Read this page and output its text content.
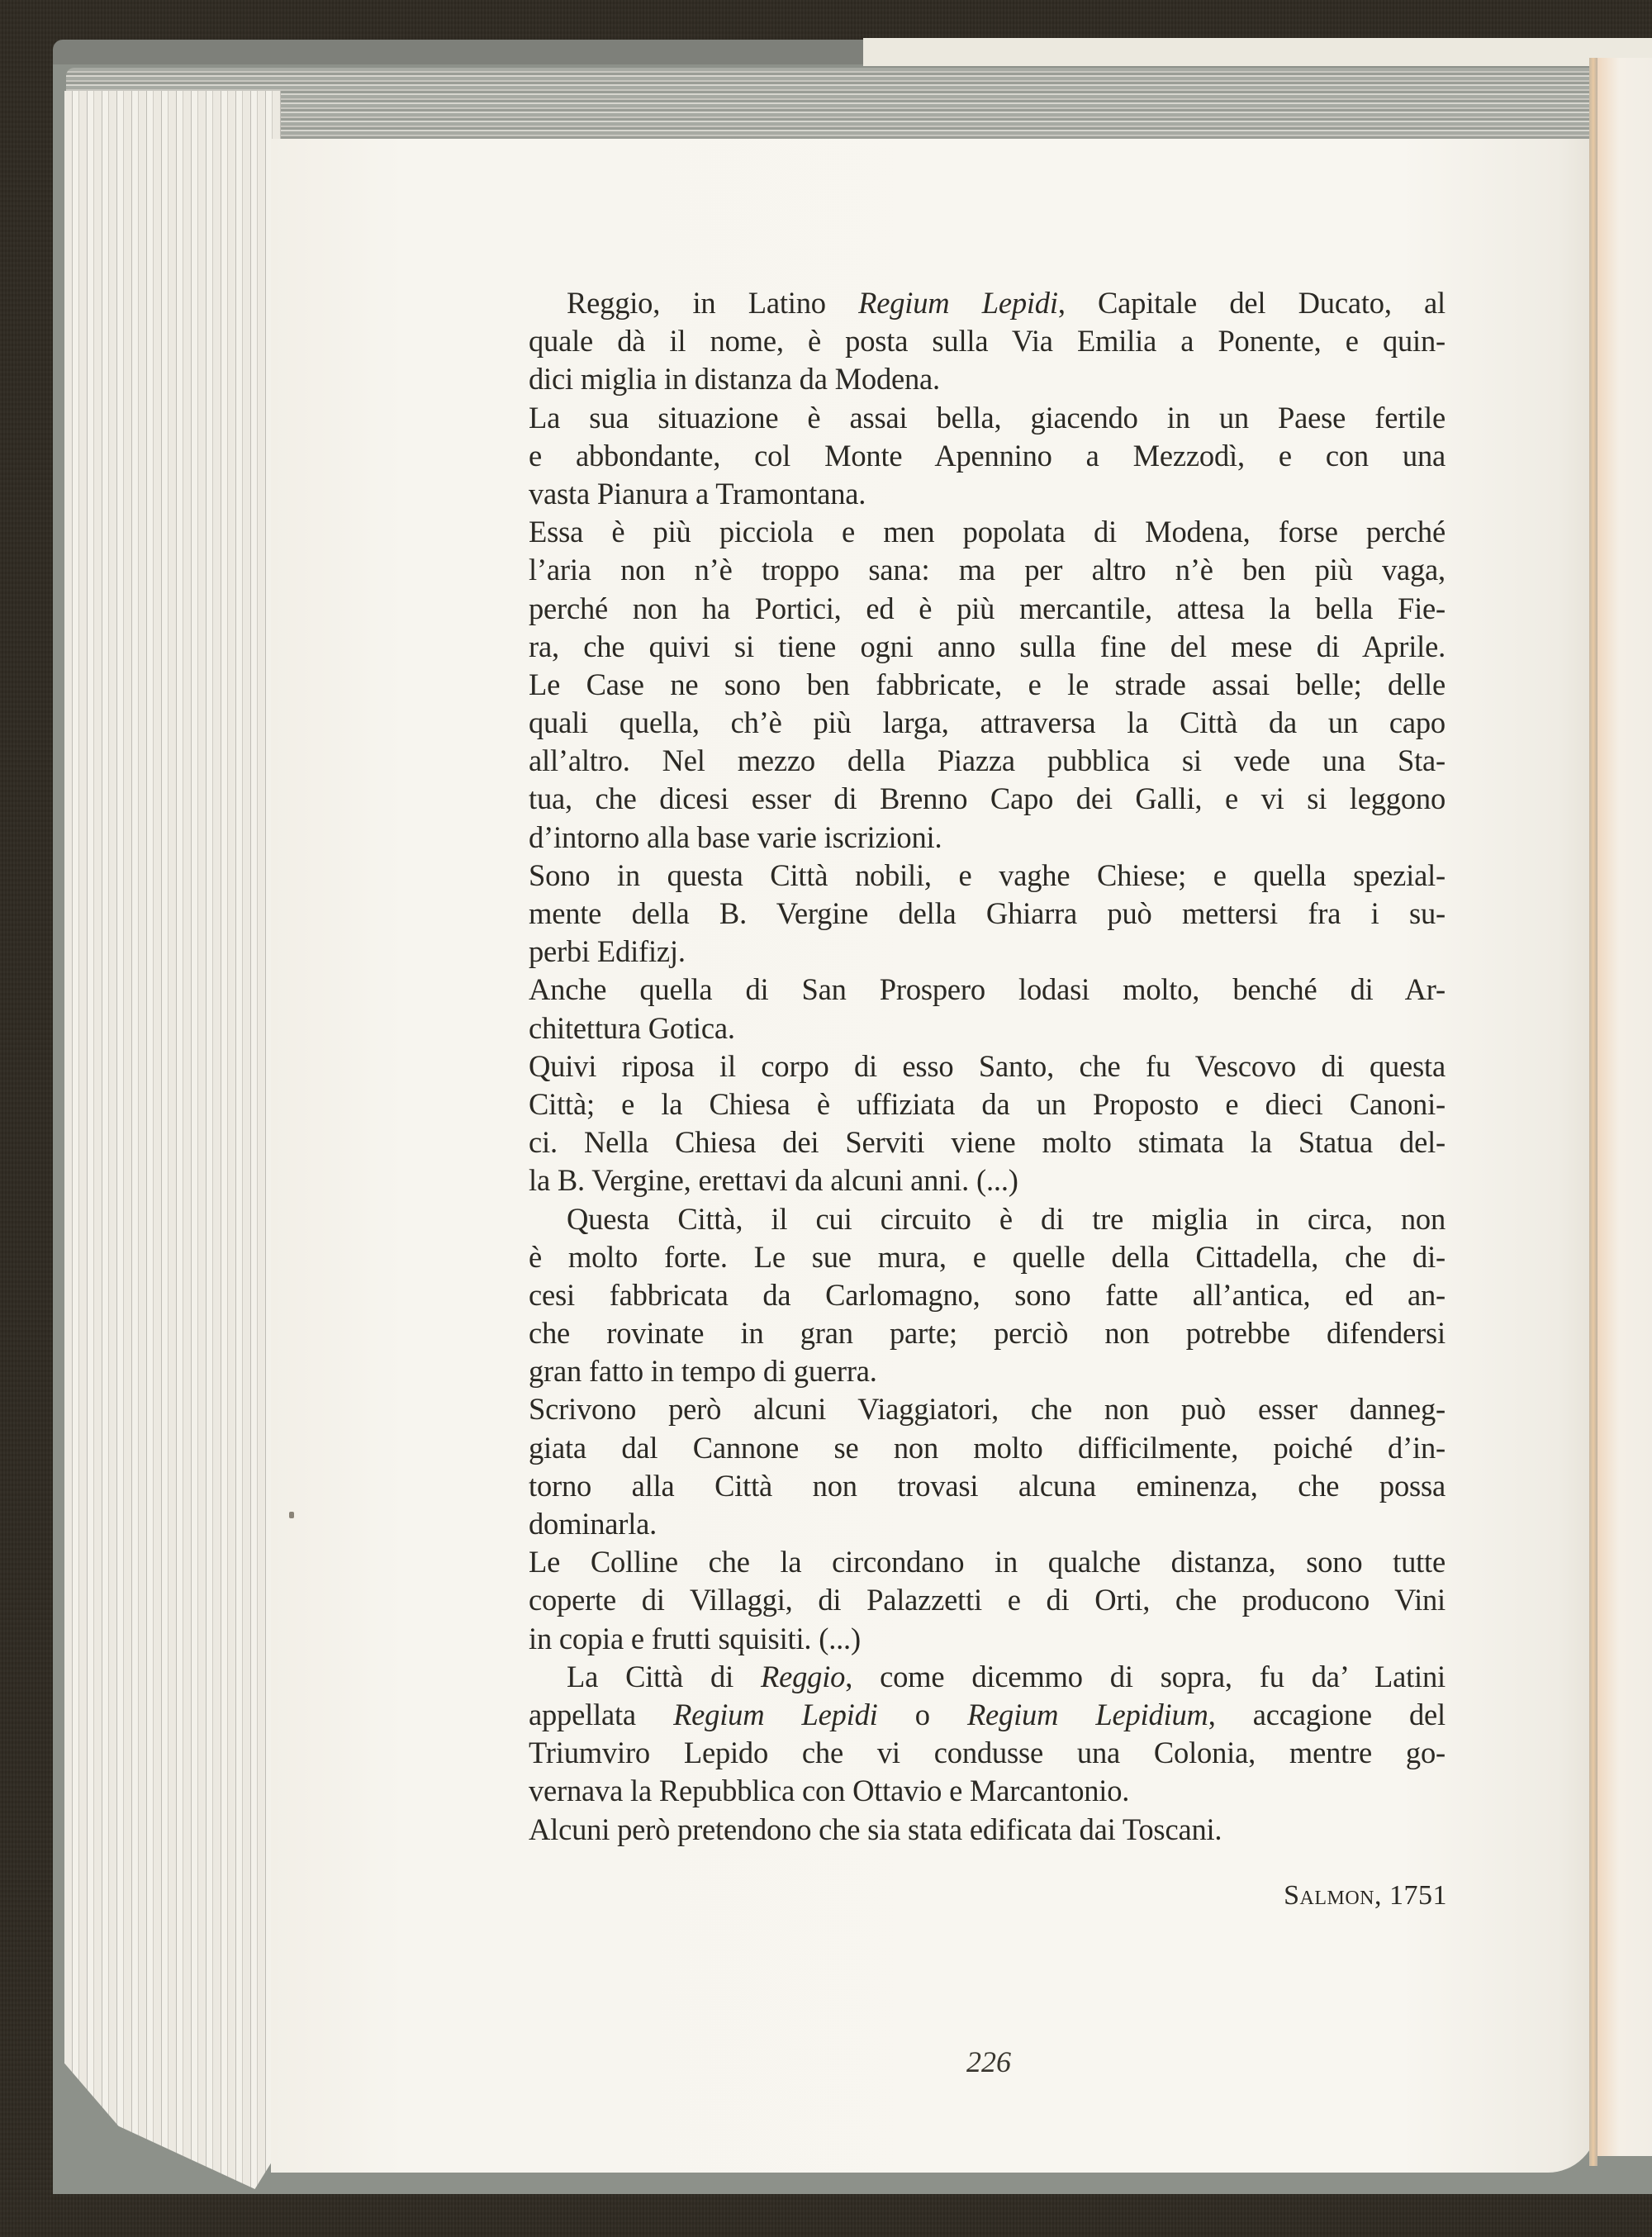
Reggio, in Latino Regium Lepidi, Capitale del Ducato, al
quale dà il nome, è posta sulla Via Emilia a Ponente, e quin-
dici miglia in distanza da Modena.
La sua situazione è assai bella, giacendo in un Paese fertile
e abbondante, col Monte Apennino a Mezzodì, e con una
vasta Pianura a Tramontana.
Essa è più picciola e men popolata di Modena, forse perché
l’aria non n’è troppo sana: ma per altro n’è ben più vaga,
perché non ha Portici, ed è più mercantile, attesa la bella Fie-
ra, che quivi si tiene ogni anno sulla fine del mese di Aprile.
Le Case ne sono ben fabbricate, e le strade assai belle; delle
quali quella, ch’è più larga, attraversa la Città da un capo
all’altro. Nel mezzo della Piazza pubblica si vede una Sta-
tua, che dicesi esser di Brenno Capo dei Galli, e vi si leggono
d’intorno alla base varie iscrizioni.
Sono in questa Città nobili, e vaghe Chiese; e quella spezial-
mente della B. Vergine della Ghiarra può mettersi fra i su-
perbi Edifizj.
Anche quella di San Prospero lodasi molto, benché di Ar-
chitettura Gotica.
Quivi riposa il corpo di esso Santo, che fu Vescovo di questa
Città; e la Chiesa è uffiziata da un Proposto e dieci Canoni-
ci. Nella Chiesa dei Serviti viene molto stimata la Statua del-
la B. Vergine, erettavi da alcuni anni. (...)
Questa Città, il cui circuito è di tre miglia in circa, non
è molto forte. Le sue mura, e quelle della Cittadella, che di-
cesi fabbricata da Carlomagno, sono fatte all’antica, ed an-
che rovinate in gran parte; perciò non potrebbe difendersi
gran fatto in tempo di guerra.
Scrivono però alcuni Viaggiatori, che non può esser danneg-
giata dal Cannone se non molto difficilmente, poiché d’in-
torno alla Città non trovasi alcuna eminenza, che possa
dominarla.
Le Colline che la circondano in qualche distanza, sono tutte
coperte di Villaggi, di Palazzetti e di Orti, che producono Vini
in copia e frutti squisiti. (...)
La Città di Reggio, come dicemmo di sopra, fu da’ Latini
appellata Regium Lepidi o Regium Lepidium, accagione del
Triumviro Lepido che vi condusse una Colonia, mentre go-
vernava la Repubblica con Ottavio e Marcantonio.
Alcuni però pretendono che sia stata edificata dai Toscani.
Salmon, 1751
226
